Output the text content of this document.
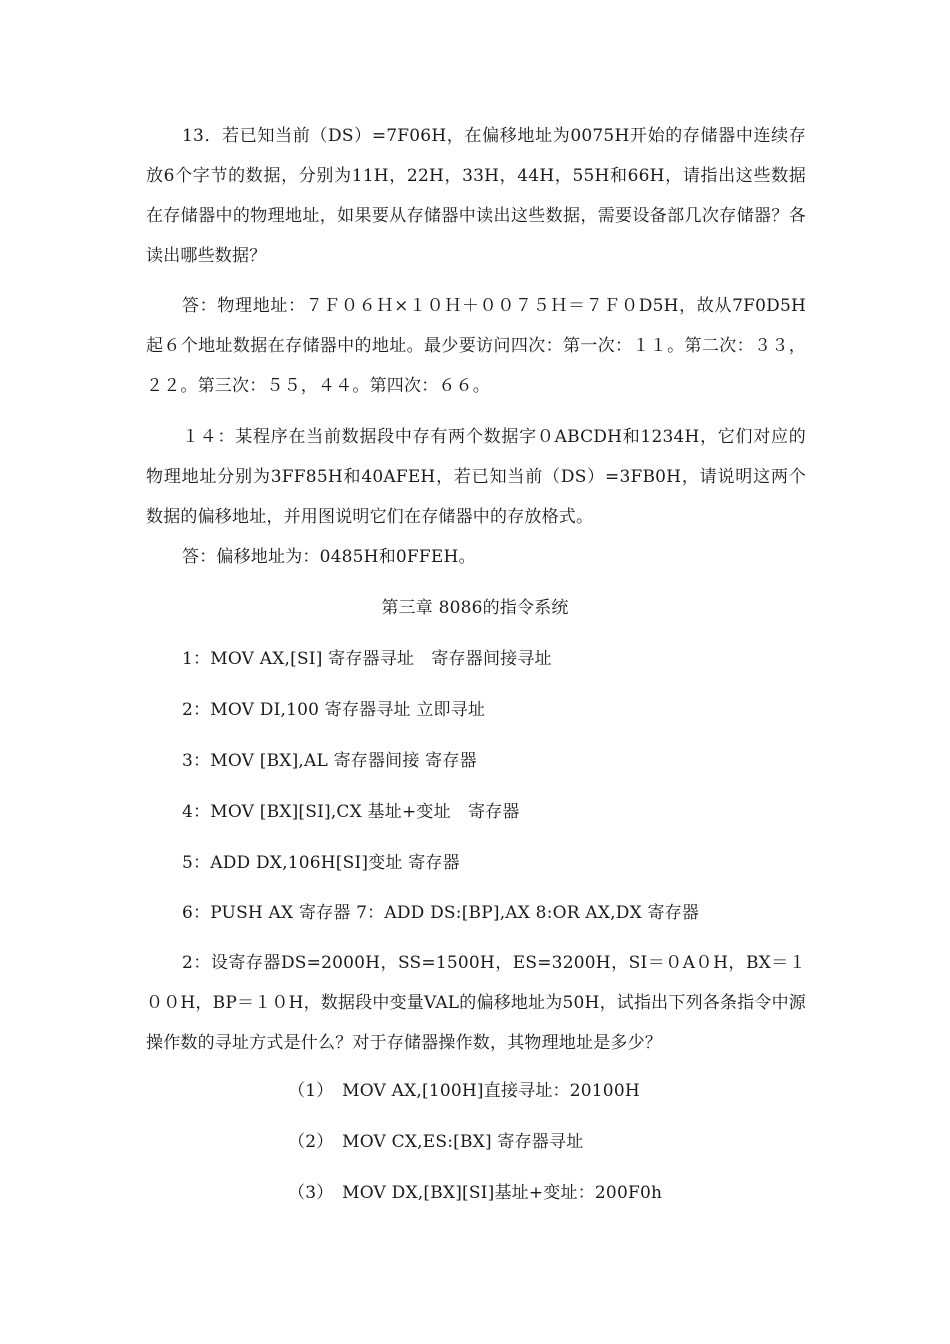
13．若已知当前（DS）=7F06H，在偏移地址为0075H开始的存储器中连续存放6个字节的数据，分别为11H，22H，33H，44H，55H和66H，请指出这些数据在存储器中的物理地址，如果要从存储器中读出这些数据，需要设备部几次存储器？各读出哪些数据？

答：物理地址：７Ｆ０６Ｈ×１０Ｈ＋００７５Ｈ＝７Ｆ０D5H，故从7F0D5H起６个地址数据在存储器中的地址。最少要访问四次：第一次：１１。第二次：３３，２２。第三次：５５，４４。第四次：６６。

１４：某程序在当前数据段中存有两个数据字０ABCDH和1234H，它们对应的物理地址分别为3FF85H和40AFEH，若已知当前（DS）=3FB0H，请说明这两个数据的偏移地址，并用图说明它们在存储器中的存放格式。

答：偏移地址为：0485H和0FFEH。

第三章 8086的指令系统

1：MOV AX,[SI] 寄存器寻址　寄存器间接寻址

2：MOV DI,100 寄存器寻址 立即寻址

3：MOV [BX],AL 寄存器间接 寄存器

4：MOV [BX][SI],CX 基址+变址　寄存器

5：ADD DX,106H[SI]变址 寄存器

6：PUSH AX 寄存器 7：ADD DS:[BP],AX 8:OR AX,DX 寄存器

2：设寄存器DS=2000H，SS=1500H，ES=3200H，SI＝０A０H，BX＝１００H，BP＝１０H，数据段中变量VAL的偏移地址为50H，试指出下列各条指令中源操作数的寻址方式是什么？对于存储器操作数，其物理地址是多少？

（1）　MOV AX,[100H]直接寻址：20100H

（2）　MOV CX,ES:[BX] 寄存器寻址

（3）　MOV DX,[BX][SI]基址+变址：200F0h
